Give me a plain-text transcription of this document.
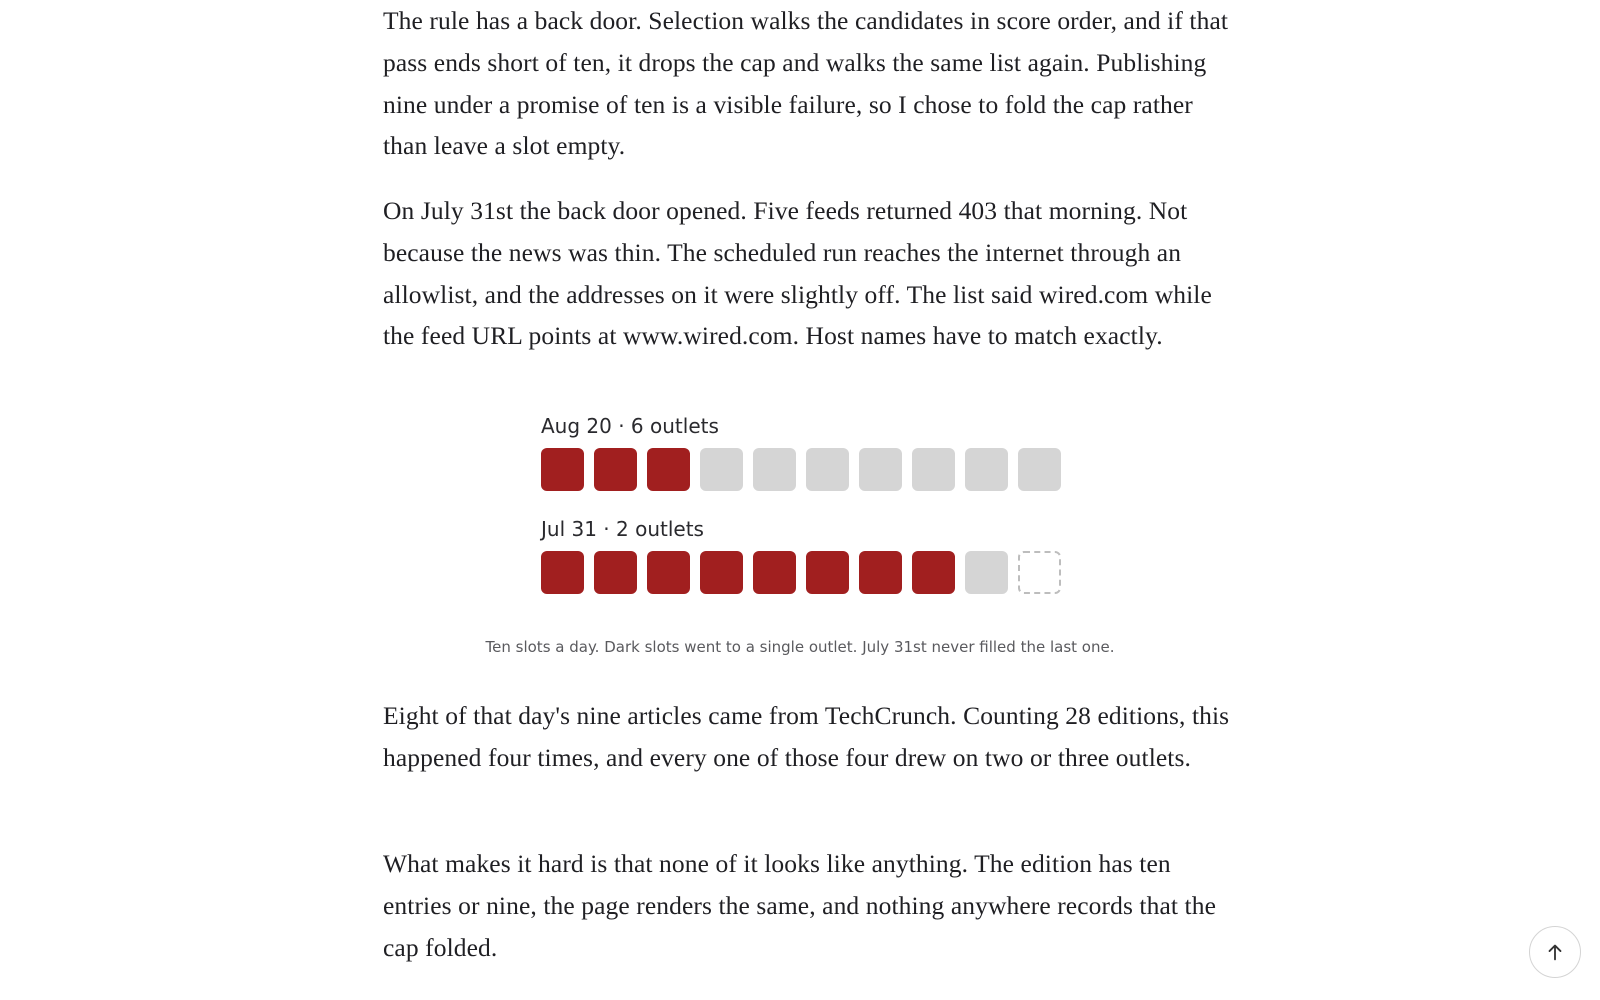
The rule has a back door. Selection walks the candidates in score order, and if that pass ends short of ten, it drops the cap and walks the same list again. Publishing nine under a promise of ten is a visible failure, so I chose to fold the cap rather than leave a slot empty.

On July 31st the back door opened. Five feeds returned 403 that morning. Not because the news was thin. The scheduled run reaches the internet through an allowlist, and the addresses on it were slightly off. The list said wired.com while the feed URL points at www.wired.com. Host names have to match exactly.

Eight of that day's nine articles came from TechCrunch. Counting 28 editions, this happened four times, and every one of those four drew on two or three outlets.

What makes it hard is that none of it looks like anything. The edition has ten entries or nine, the page renders the same, and nothing anywhere records that the cap folded.

Aug 20 · 6 outlets
Jul 31 · 2 outlets

Ten slots a day. Dark slots went to a single outlet. July 31st never filled the last one.
